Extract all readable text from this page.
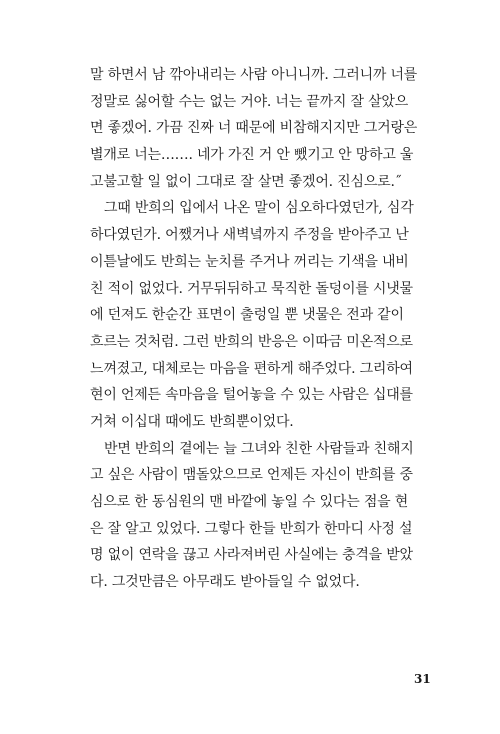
말 하면서 남 깎아내리는 사람 아니니까. 그러니까 너를
정말로 싫어할 수는 없는 거야. 너는 끝까지 잘 살았으
면 좋겠어. 가끔 진짜 너 때문에 비참해지지만 그거랑은
별개로 너는……. 네가 가진 거 안 뺐기고 안 망하고 울
고불고할 일 없이 그대로 잘 살면 좋겠어. 진심으로.˝
그때 반희의 입에서 나온 말이 심오하다였던가, 심각
하다였던가. 어쨌거나 새벽녘까지 주정을 받아주고 난
이튿날에도 반희는 눈치를 주거나 꺼리는 기색을 내비
친 적이 없었다. 거무뒤뒤하고 묵직한 돌덩이를 시냇물
에 던져도 한순간 표면이 출렁일 뿐 냇물은 전과 같이
흐르는 것처럼. 그런 반희의 반응은 이따금 미온적으로
느껴졌고, 대체로는 마음을 편하게 해주었다. 그리하여
현이 언제든 속마음을 털어놓을 수 있는 사람은 십대를
거쳐 이십대 때에도 반희뿐이었다.
반면 반희의 곁에는 늘 그녀와 친한 사람들과 친해지
고 싶은 사람이 맴돌았으므로 언제든 자신이 반희를 중
심으로 한 동심원의 맨 바깥에 놓일 수 있다는 점을 현
은 잘 알고 있었다. 그렇다 한들 반희가 한마디 사정 설
명 없이 연락을 끊고 사라져버린 사실에는 충격을 받았
다. 그것만큼은 아무래도 받아들일 수 없었다.
31
